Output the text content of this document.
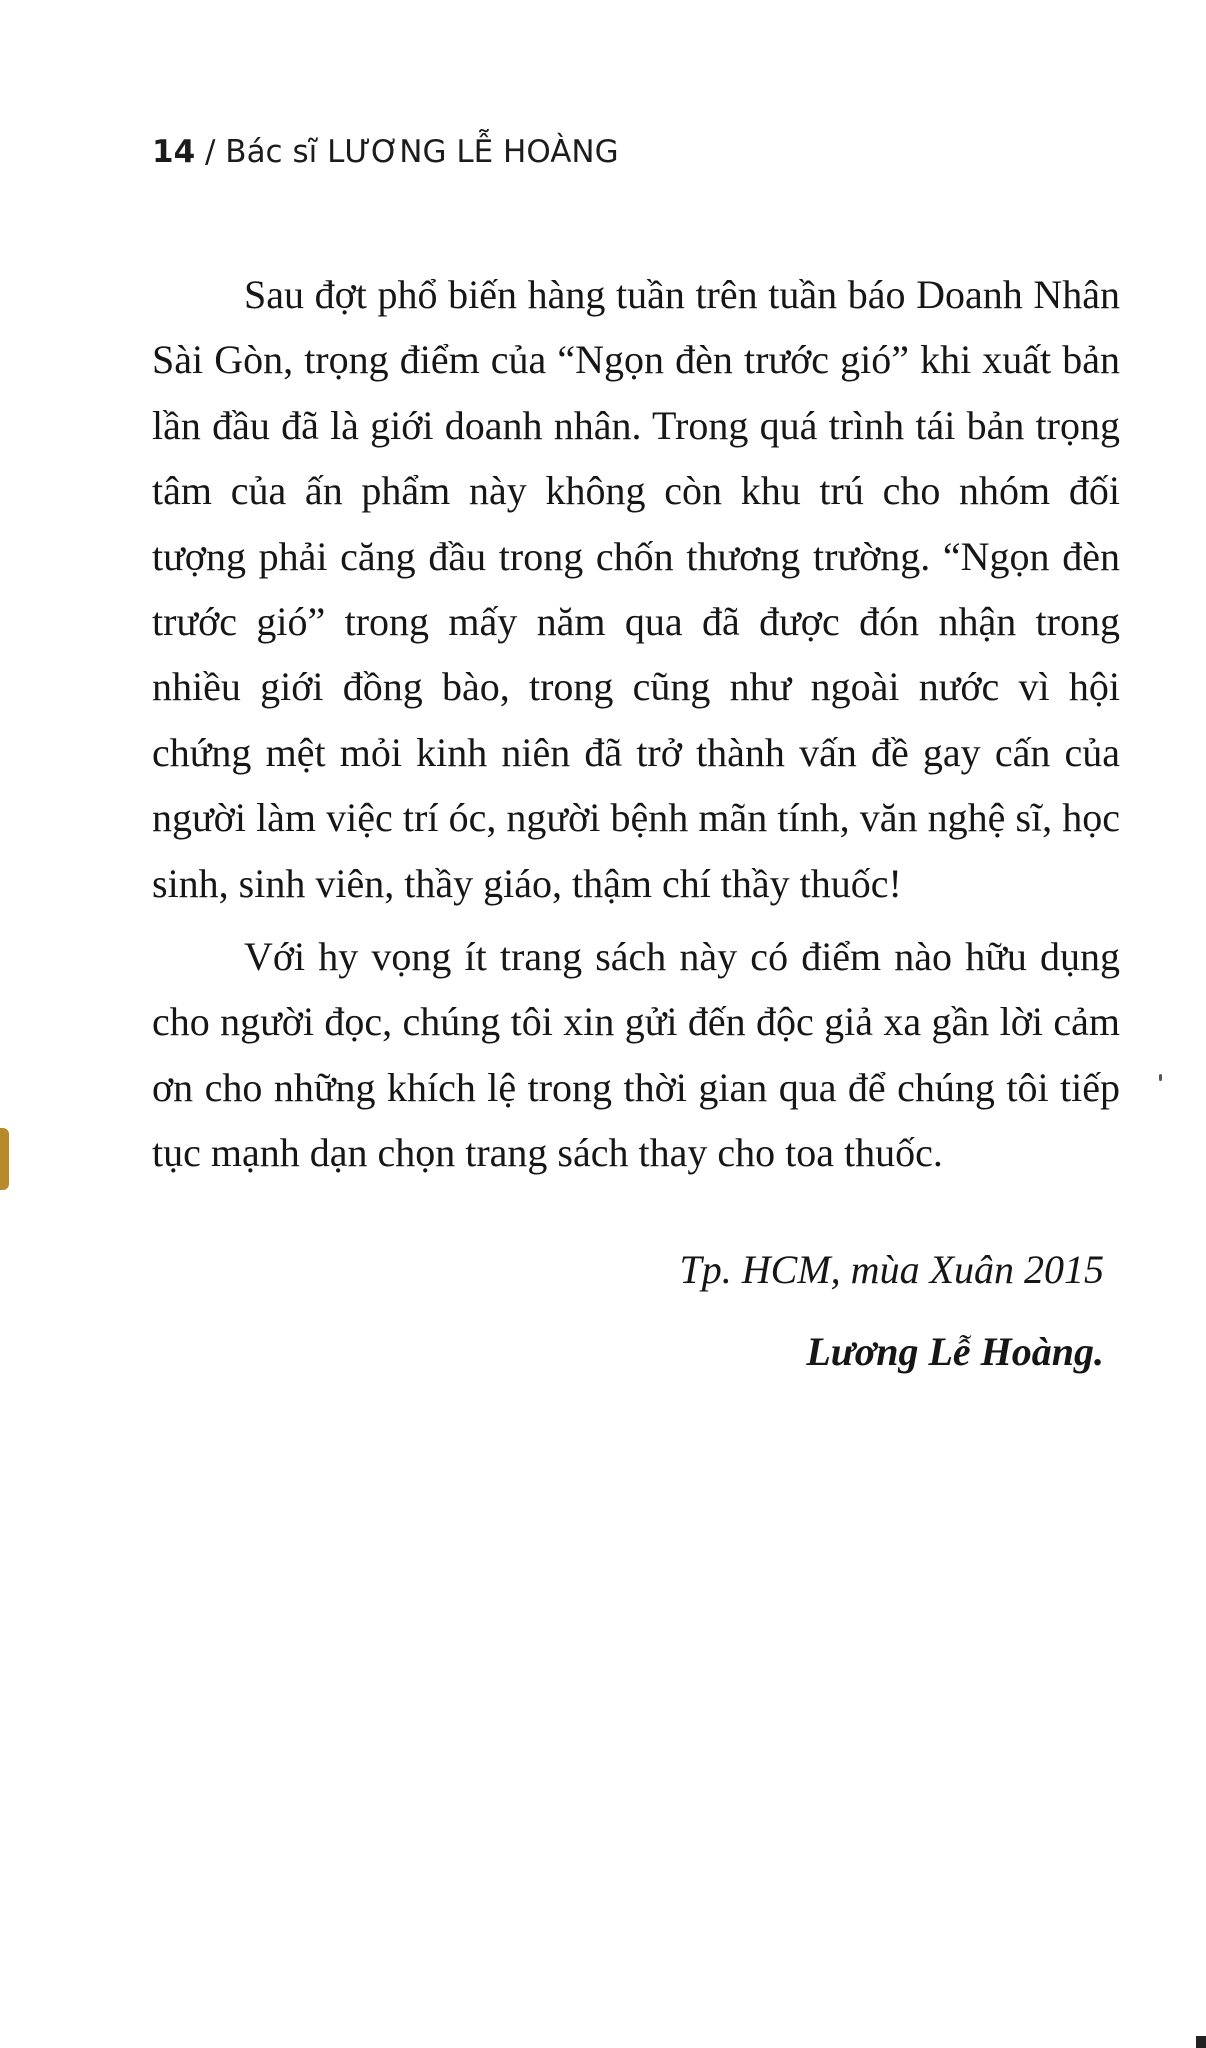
14 / Bác sĩ LƯƠNG LỄ HOÀNG

Sau đợt phổ biến hàng tuần trên tuần báo Doanh Nhân Sài Gòn, trọng điểm của “Ngọn đèn trước gió” khi xuất bản lần đầu đã là giới doanh nhân. Trong quá trình tái bản trọng tâm của ấn phẩm này không còn khu trú cho nhóm đối tượng phải căng đầu trong chốn thương trường. “Ngọn đèn trước gió” trong mấy năm qua đã được đón nhận trong nhiều giới đồng bào, trong cũng như ngoài nước vì hội chứng mệt mỏi kinh niên đã trở thành vấn đề gay cấn của người làm việc trí óc, người bệnh mãn tính, văn nghệ sĩ, học sinh, sinh viên, thầy giáo, thậm chí thầy thuốc!

Với hy vọng ít trang sách này có điểm nào hữu dụng cho người đọc, chúng tôi xin gửi đến độc giả xa gần lời cảm ơn cho những khích lệ trong thời gian qua để chúng tôi tiếp tục mạnh dạn chọn trang sách thay cho toa thuốc.

Tp. HCM, mùa Xuân 2015
Lương Lễ Hoàng.
